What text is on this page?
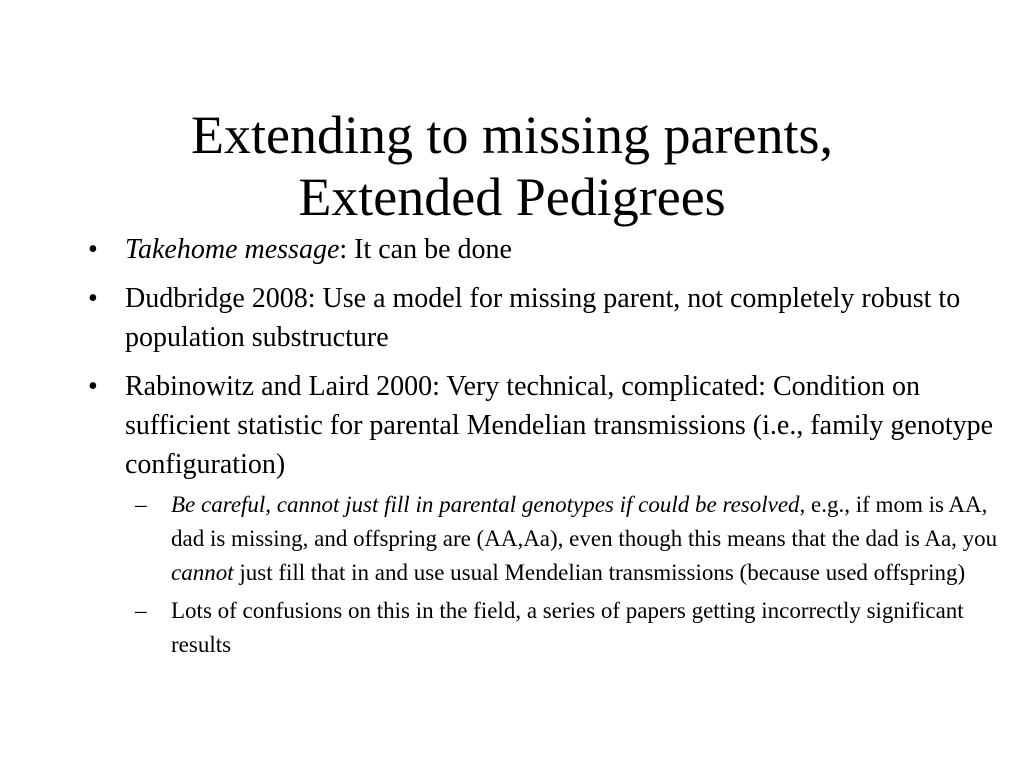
Extending to missing parents,
Extended Pedigrees
• Takehome message: It can be done
• Dudbridge 2008: Use a model for missing parent, not completely robust to population substructure
• Rabinowitz and Laird 2000: Very technical, complicated: Condition on sufficient statistic for parental Mendelian transmissions (i.e., family genotype configuration)
– Be careful, cannot just fill in parental genotypes if could be resolved, e.g., if mom is AA, dad is missing, and offspring are (AA,Aa), even though this means that the dad is Aa, you cannot just fill that in and use usual Mendelian transmissions (because used offspring)
– Lots of confusions on this in the field, a series of papers getting incorrectly significant results
